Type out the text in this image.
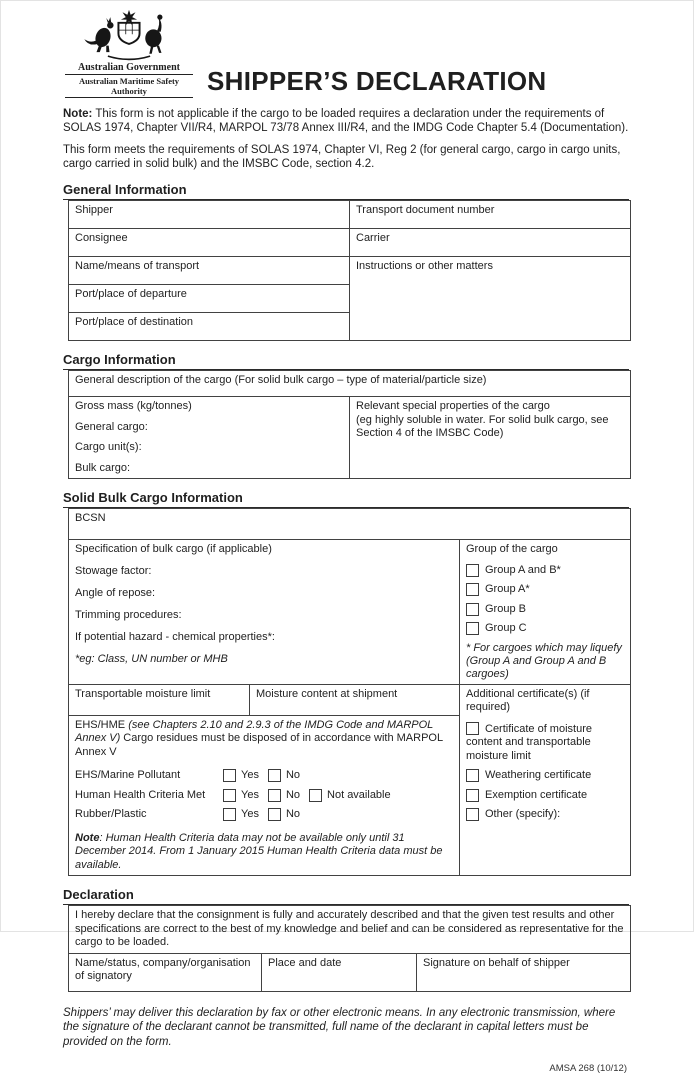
Australian Government
Australian Maritime Safety Authority	SHIPPER’S DECLARATION

Note: This form is not applicable if the cargo to be loaded requires a declaration under the requirements of SOLAS 1974, Chapter VII/R4, MARPOL 73/78 Annex III/R4, and the IMDG Code Chapter 5.4 (Documentation).

This form meets the requirements of SOLAS 1974, Chapter VI, Reg 2 (for general cargo, cargo in cargo units, cargo carried in solid bulk) and the IMSBC Code, section 4.2.

General Information
Shipper	Transport document number
Consignee	Carrier
Name/means of transport	Instructions or other matters
Port/place of departure	
Port/place of destination	
Cargo Information
General description of the cargo (For solid bulk cargo – type of material/particle size)

Gross mass (kg/tonnes)
General cargo:
Cargo unit(s):
Bulk cargo:

Relevant special properties of the cargo
(eg highly soluble in water. For solid bulk cargo, see Section 4 of the IMSBC Code)
Solid Bulk Cargo Information
BCSN		

Specification of bulk cargo (if applicable)
Stowage factor:
Angle of repose:
Trimming procedures:
If potential hazard - chemical properties*:
*eg: Class, UN number or MHB

Group of the cargo
Group A and B*
Group A*
Group B
Group C
* For cargoes which may liquefy
(Group A and Group A and B cargoes)

Transportable moisture limit	Moisture content at shipment	Additional certificate(s) (if required)
Certificate of moisture content and transportable moisture limit
Weathering certificate
Exemption certificate
Other (specify):

EHS/HME (see Chapters 2.10 and 2.9.3 of the IMDG Code and MARPOL Annex V) Cargo residues must be disposed of in accordance with MARPOL Annex V
EHS/Marine Pollutant	Yes No
Human Health Criteria Met	Yes No Not available
Rubber/Plastic	Yes No
Note: Human Health Criteria data may not be available only until 31 December 2014. From 1 January 2015 Human Health Criteria data must be available.
Declaration
I hereby declare that the consignment is fully and accurately described and that the given test results and other specifications are correct to the best of my knowledge and belief and can be considered as representative for the cargo to be loaded.
Name/status, company/organisation of signatory	Place and date	Signature on behalf of shipper

Shippers’ may deliver this declaration by fax or other electronic means. In any electronic transmission, where the signature of the declarant cannot be transmitted, full name of the declarant in capital letters must be provided on the form.

AMSA 268 (10/12)
